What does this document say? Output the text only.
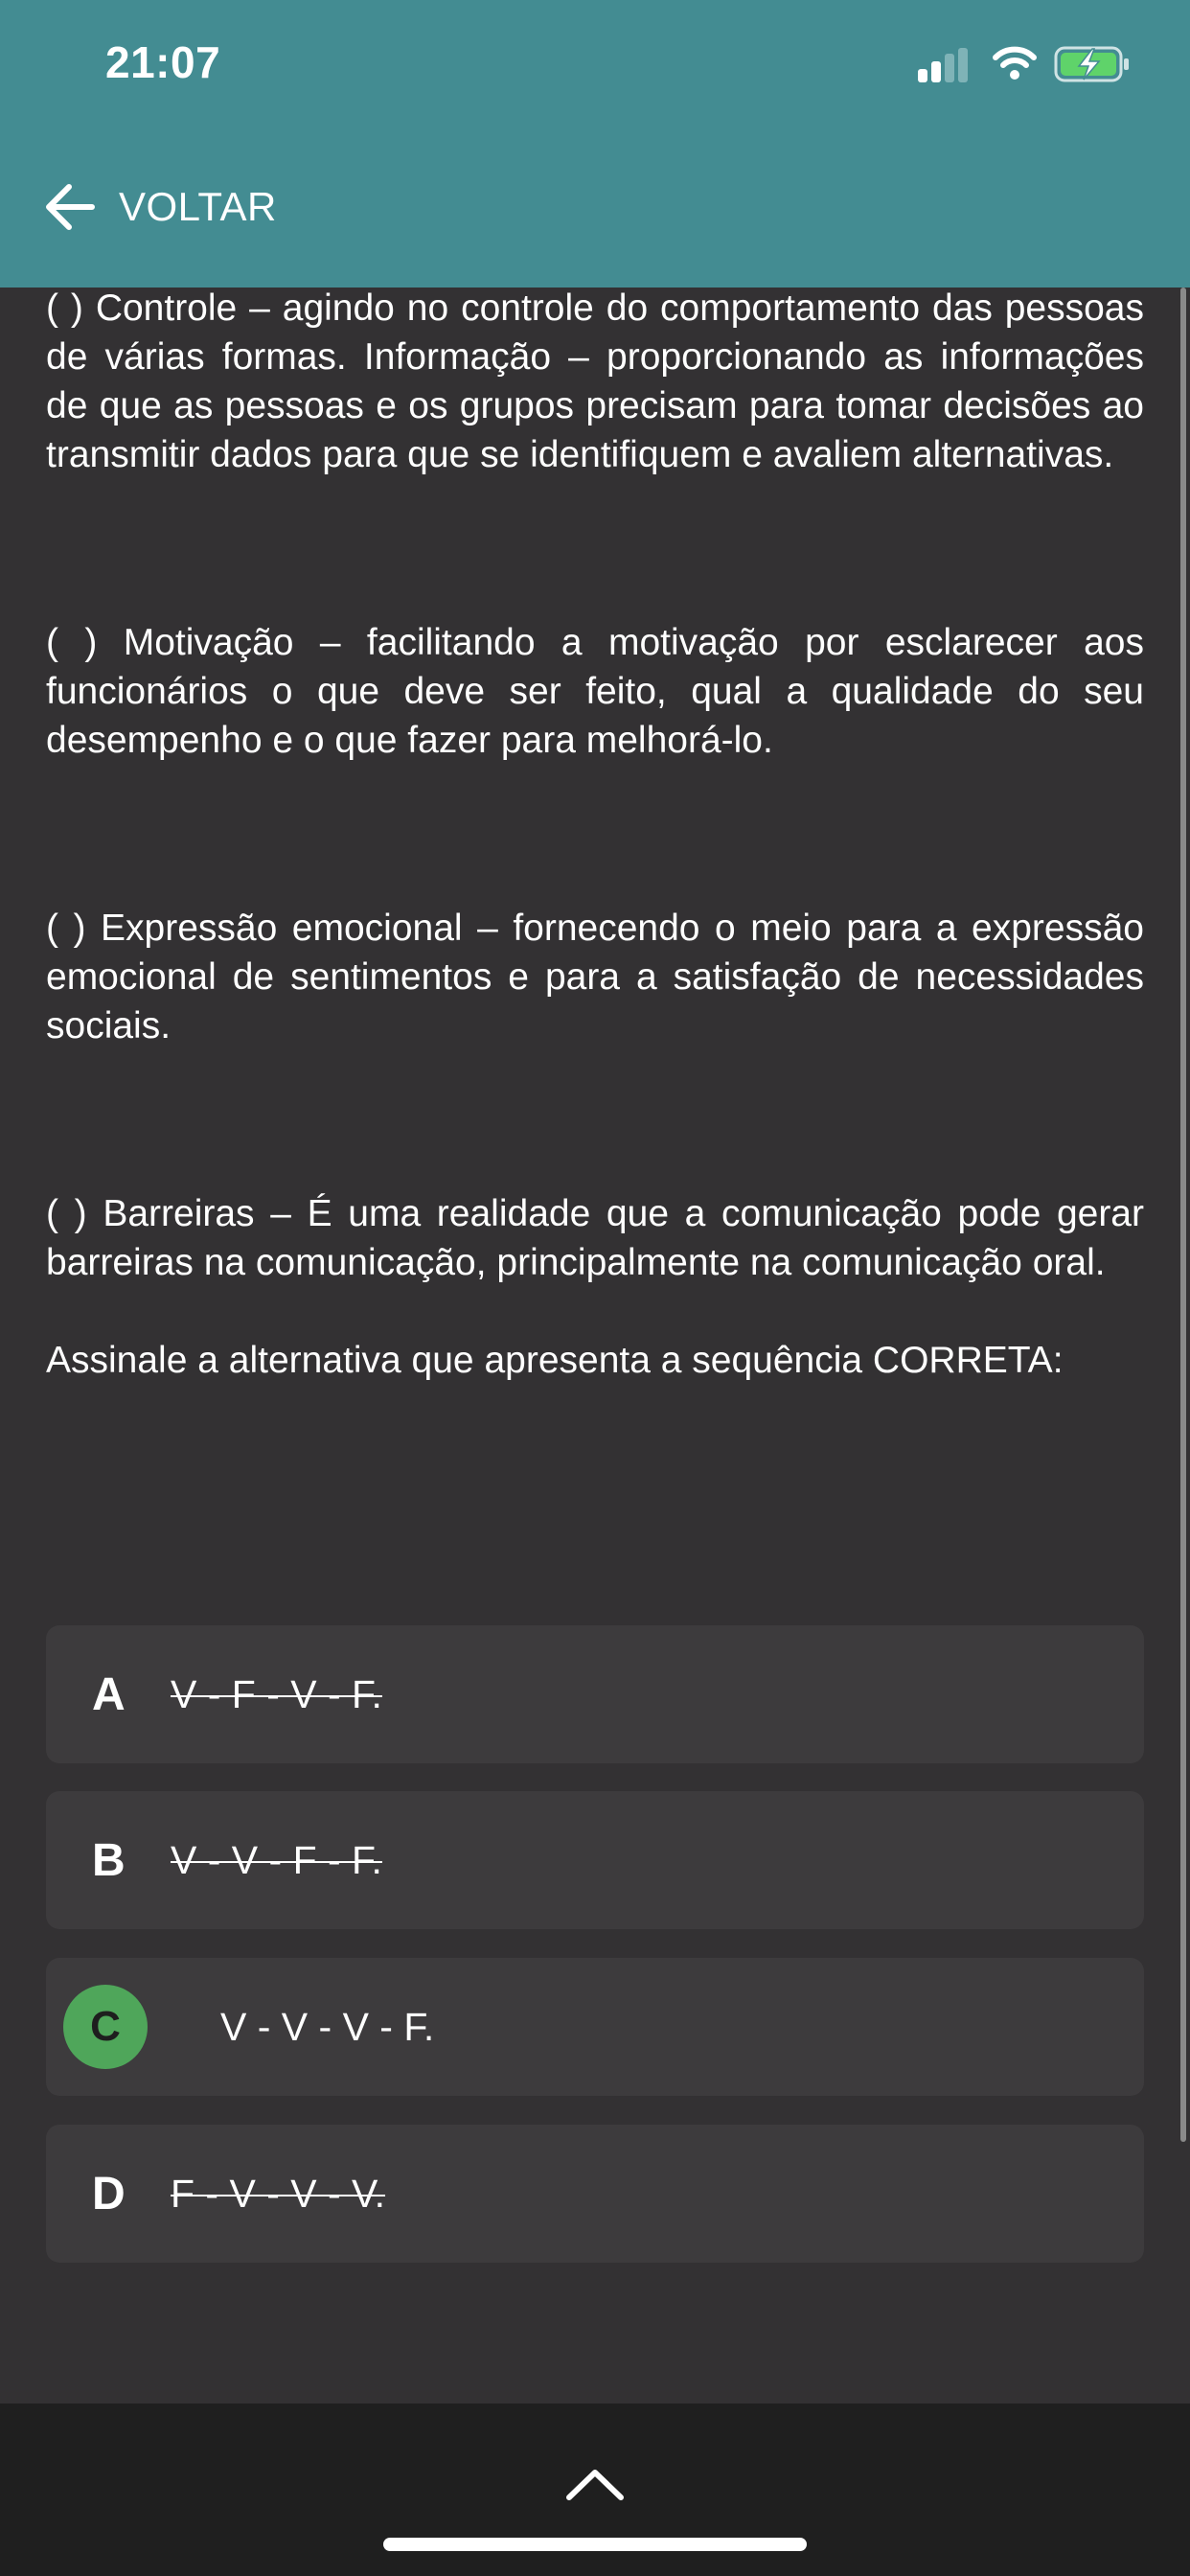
21:07
VOLTAR

( ) Controle – agindo no controle do comportamento das pessoas de várias formas. Informação – proporcionando as informações de que as pessoas e os grupos precisam para tomar decisões ao transmitir dados para que se identifiquem e avaliem alternativas.

( ) Motivação – facilitando a motivação por esclarecer aos funcionários o que deve ser feito, qual a qualidade do seu desempenho e o que fazer para melhorá-lo.

( ) Expressão emocional – fornecendo o meio para a expressão emocional de sentimentos e para a satisfação de necessidades sociais.

( ) Barreiras – É uma realidade que a comunicação pode gerar barreiras na comunicação, principalmente na comunicação oral.

Assinale a alternativa que apresenta a sequência CORRETA:

A	V - F - V - F.
B	V - V - F - F.
C	V - V - V - F.
D	F - V - V - V.
